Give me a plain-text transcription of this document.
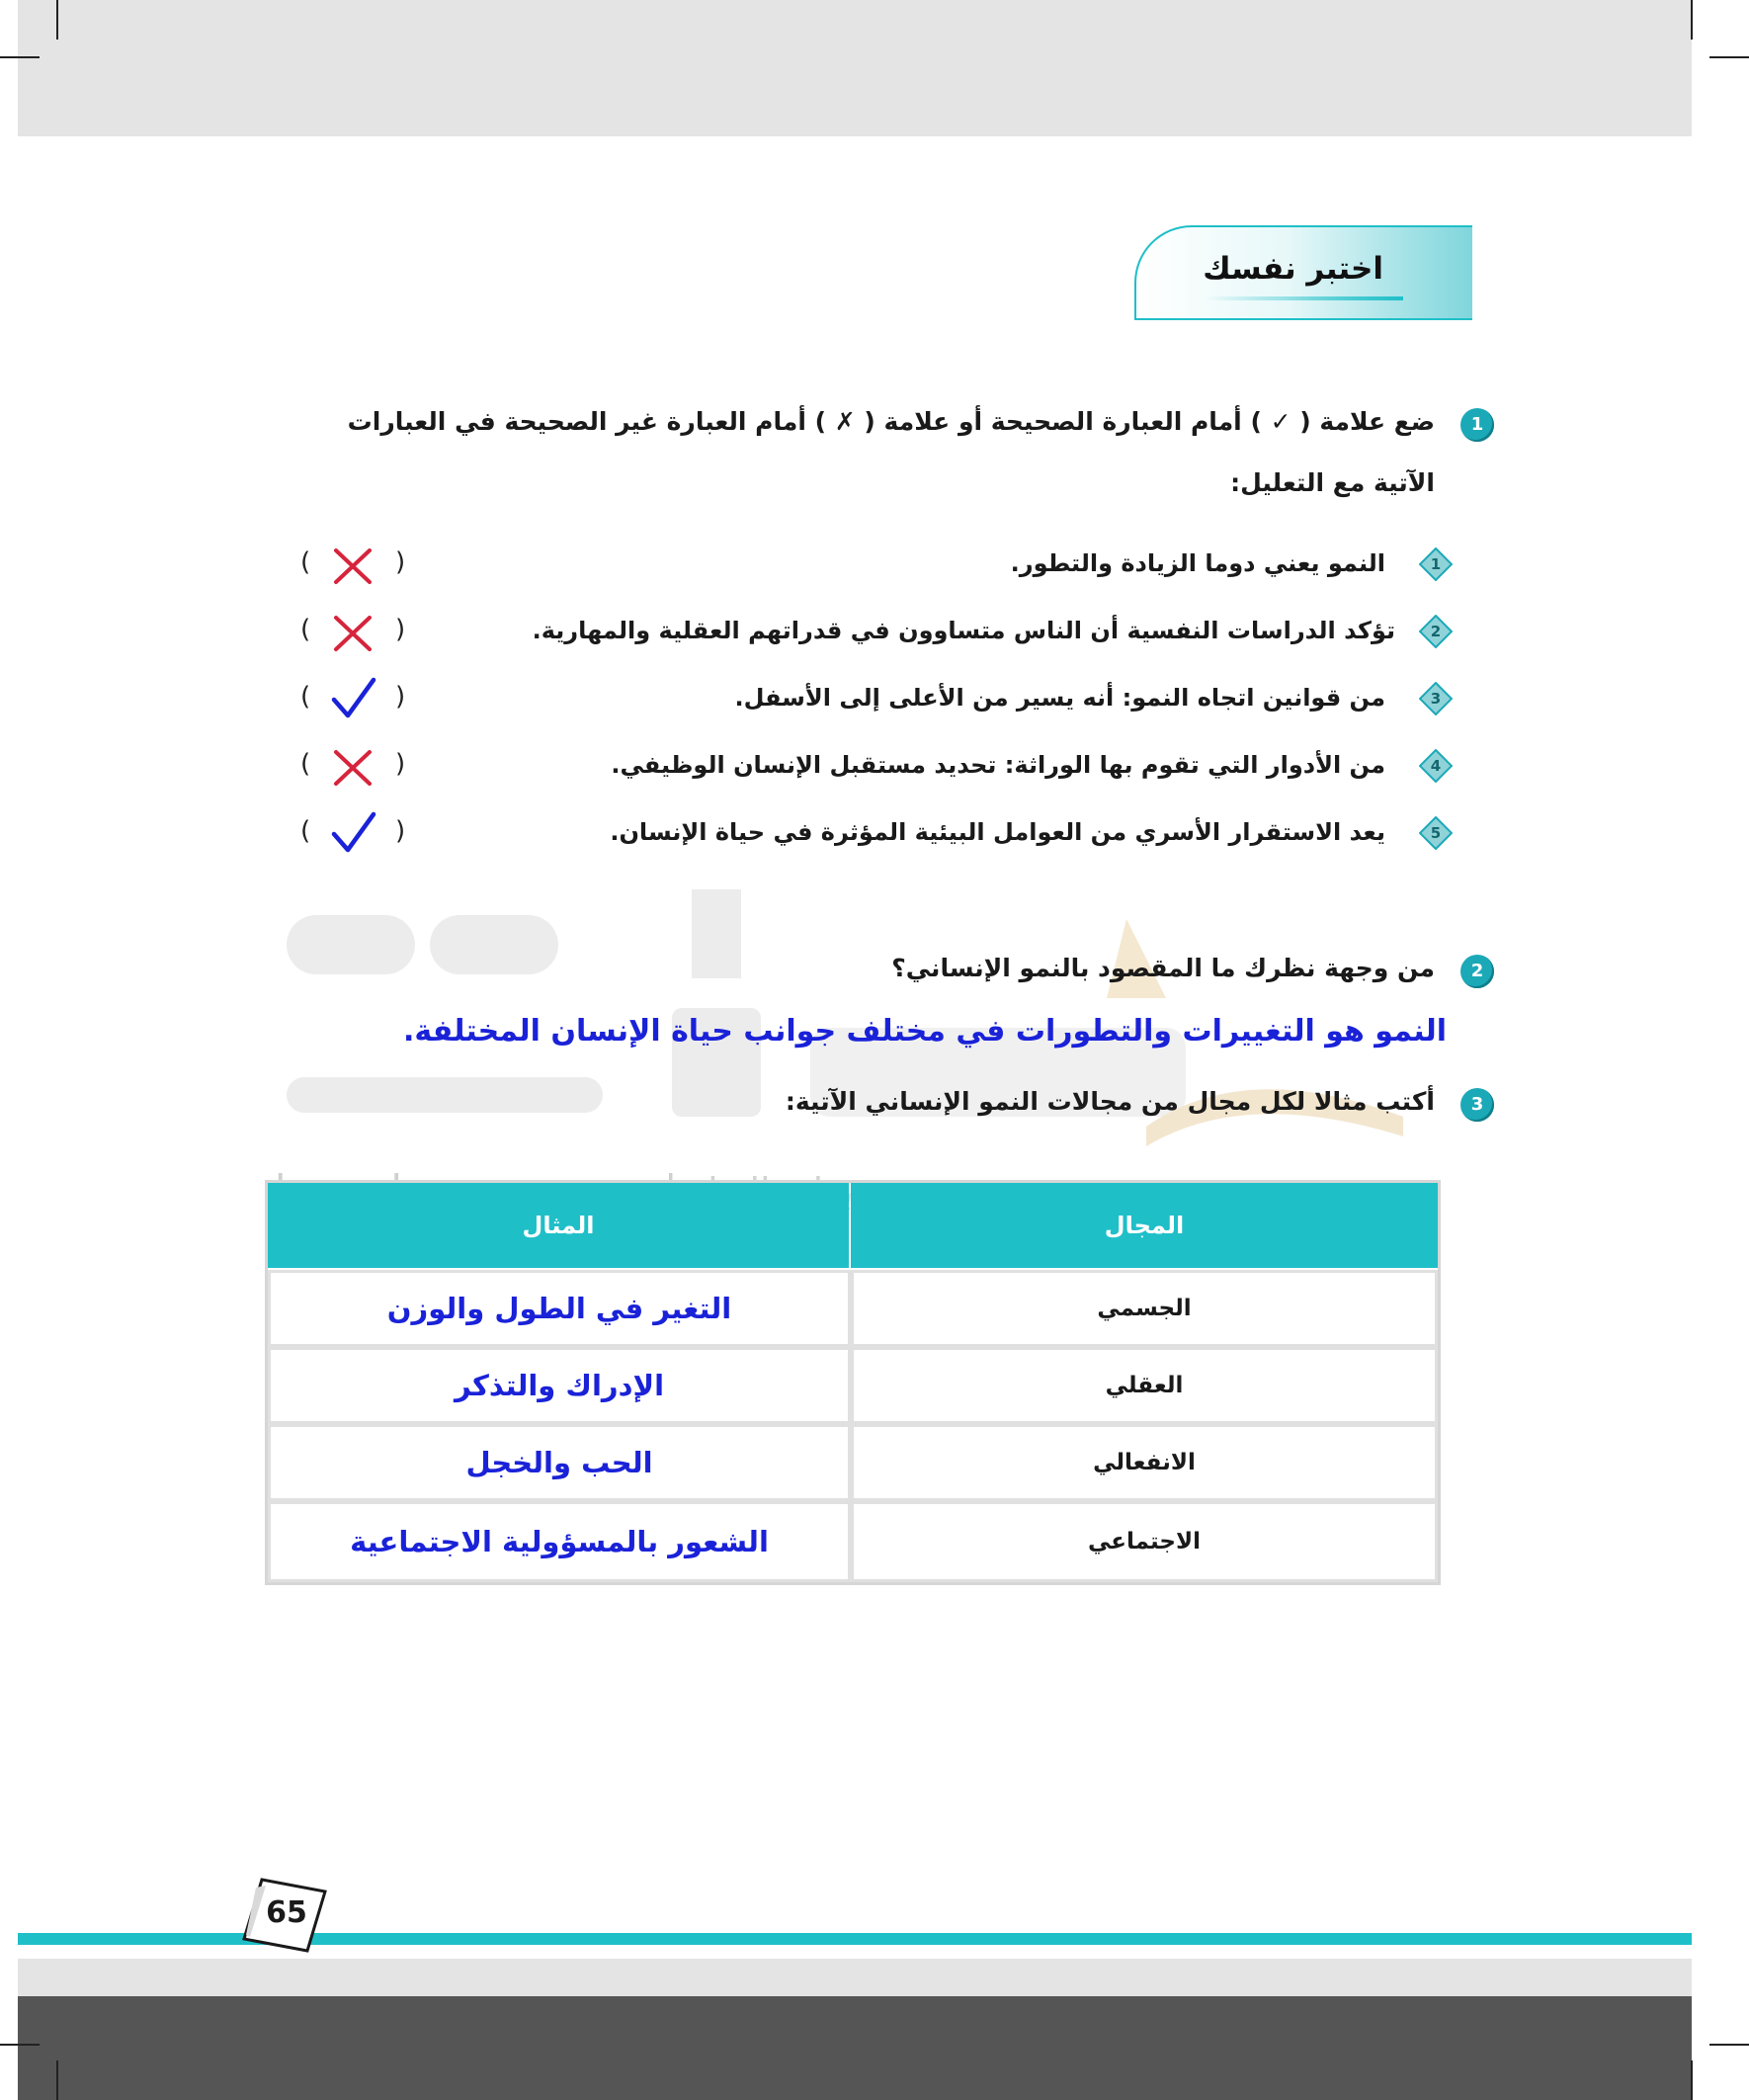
اختبر نفسك
1
ضع علامة ( ✓ ) أمام العبارة الصحيحة أو علامة ( ✗ ) أمام العبارة غير الصحيحة في العبارات
الآتية مع التعليل:
1
النمو يعني دوما الزيادة والتطور.
2
تؤكد الدراسات النفسية أن الناس متساوون في قدراتهم العقلية والمهارية.
3
من قوانين اتجاه النمو: أنه يسير من الأعلى إلى الأسفل.
4
من الأدوار التي تقوم بها الوراثة: تحديد مستقبل الإنسان الوظيفي.
5
يعد الاستقرار الأسري من العوامل البيئية المؤثرة في حياة الإنسان.
(
)
(
)
(
)
(
)
(
)
2
من وجهة نظرك ما المقصود بالنمو الإنساني؟
النمو هو التغييرات والتطورات في مختلف جوانب حياة الإنسان المختلفة.
3
أكتب مثالا لكل مجال من مجالات النمو الإنساني الآتية:
المجال
المثال
الجسمي
التغير في الطول والوزن
العقلي
الإدراك والتذكر
الانفعالي
الحب والخجل
الاجتماعي
الشعور بالمسؤولية الاجتماعية
65
